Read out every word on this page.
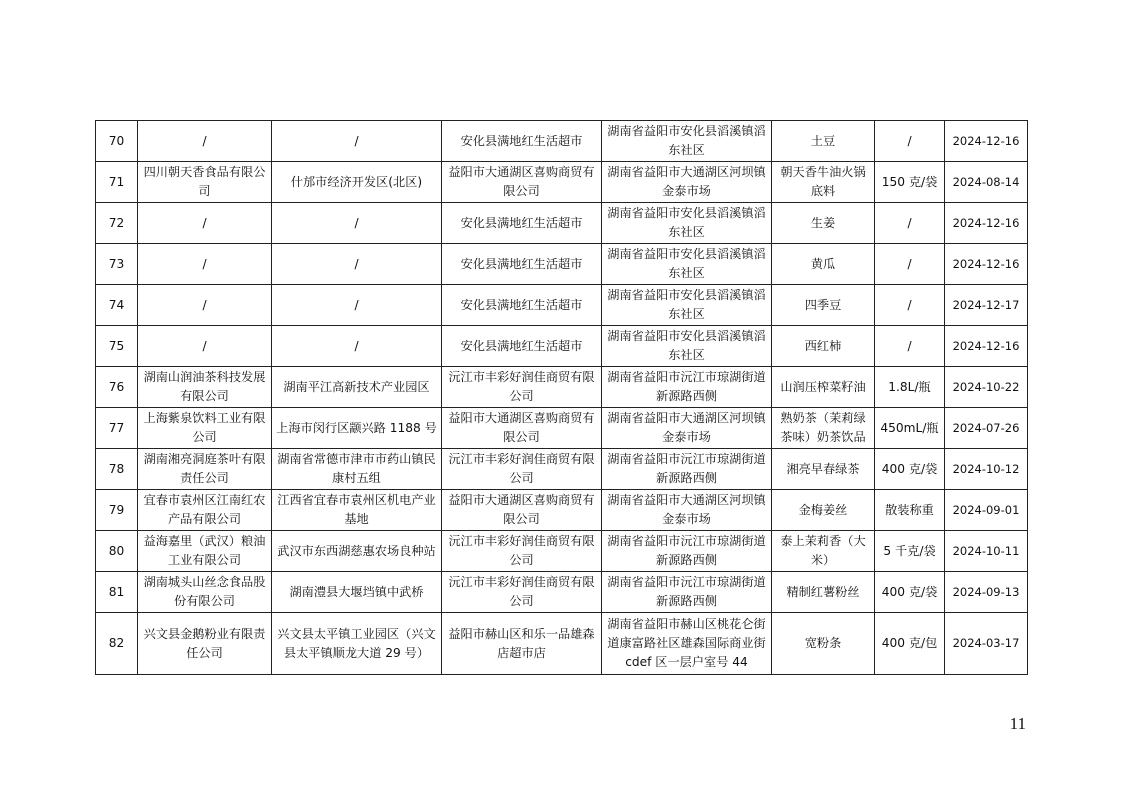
70	/	/	安化县满地红生活超市	湖南省益阳市安化县滔溪镇滔东社区	土豆	/	2024-12-16
71	四川朝天香食品有限公司	什邡市经济开发区(北区)	益阳市大通湖区喜购商贸有限公司	湖南省益阳市大通湖区河坝镇金泰市场	朝天香牛油火锅底料	150 克/袋	2024-08-14
72	/	/	安化县满地红生活超市	湖南省益阳市安化县滔溪镇滔东社区	生姜	/	2024-12-16
73	/	/	安化县满地红生活超市	湖南省益阳市安化县滔溪镇滔东社区	黄瓜	/	2024-12-16
74	/	/	安化县满地红生活超市	湖南省益阳市安化县滔溪镇滔东社区	四季豆	/	2024-12-17
75	/	/	安化县满地红生活超市	湖南省益阳市安化县滔溪镇滔东社区	西红柿	/	2024-12-16
76	湖南山润油茶科技发展有限公司	湖南平江高新技术产业园区	沅江市丰彩好润佳商贸有限公司	湖南省益阳市沅江市琼湖街道新源路西侧	山润压榨菜籽油	1.8L/瓶	2024-10-22
77	上海紫泉饮料工业有限公司	上海市闵行区颛兴路 1188 号	益阳市大通湖区喜购商贸有限公司	湖南省益阳市大通湖区河坝镇金泰市场	熟奶茶（茉莉绿茶味）奶茶饮品	450mL/瓶	2024-07-26
78	湖南湘亮洞庭茶叶有限责任公司	湖南省常德市津市市药山镇民康村五组	沅江市丰彩好润佳商贸有限公司	湖南省益阳市沅江市琼湖街道新源路西侧	湘亮早春绿茶	400 克/袋	2024-10-12
79	宜春市袁州区江南红农产品有限公司	江西省宜春市袁州区机电产业基地	益阳市大通湖区喜购商贸有限公司	湖南省益阳市大通湖区河坝镇金泰市场	金梅姜丝	散装称重	2024-09-01
80	益海嘉里（武汉）粮油工业有限公司	武汉市东西湖慈惠农场良种站	沅江市丰彩好润佳商贸有限公司	湖南省益阳市沅江市琼湖街道新源路西侧	泰上茉莉香（大米）	5 千克/袋	2024-10-11
81	湖南城头山丝念食品股份有限公司	湖南澧县大堰垱镇中武桥	沅江市丰彩好润佳商贸有限公司	湖南省益阳市沅江市琼湖街道新源路西侧	精制红薯粉丝	400 克/袋	2024-09-13
82	兴文县金鹅粉业有限责任公司	兴文县太平镇工业园区（兴文县太平镇顺龙大道 29 号）	益阳市赫山区和乐一品雄森店超市店	湖南省益阳市赫山区桃花仑街道康富路社区雄森国际商业街 cdef 区一层户室号 44	宽粉条	400 克/包	2024-03-17
11
